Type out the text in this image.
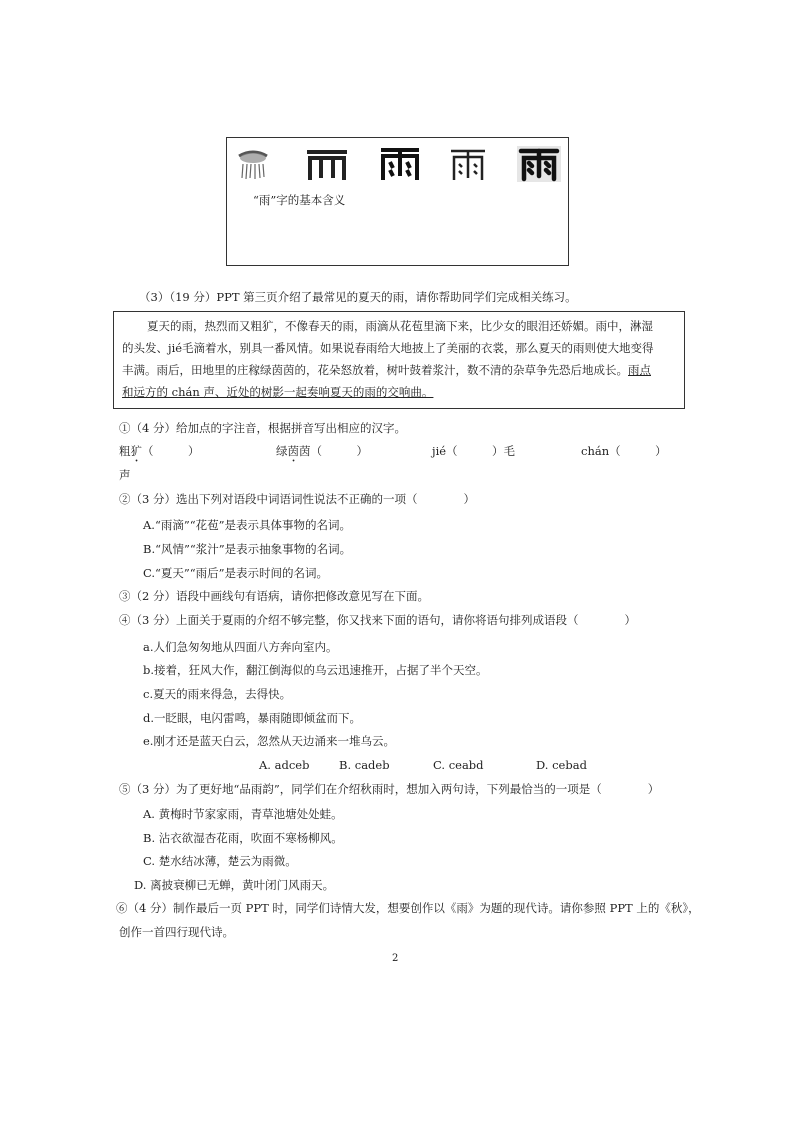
“雨”字的基本含义
（3）（19 分）PPT 第三页介绍了最常见的夏天的雨，请你帮助同学们完成相关练习。
夏天的雨，热烈而又粗犷，不像春天的雨，雨滴从花苞里滴下来，比少女的眼泪还娇媚。雨中，淋湿
的头发、jié毛滴着水，别具一番风情。如果说春雨给大地披上了美丽的衣裳，那么夏天的雨则使大地变得
丰满。雨后，田地里的庄稼绿茵茵的，花朵怒放着，树叶鼓着浆汁，数不清的杂草争先恐后地成长。雨点
和远方的 chán 声、近处的树影一起奏响夏天的雨的交响曲。
①（4 分）给加点的字注音，根据拼音写出相应的汉字。
粗犷（　　　）	绿茵茵（　　　）	jié（　　　）毛	chán（　　　）
声
②（3 分）选出下列对语段中词语词性说法不正确的一项（　　　　）
A.“雨滴”“花苞”是表示具体事物的名词。
B.“风情”“浆汁”是表示抽象事物的名词。
C.“夏天”“雨后”是表示时间的名词。
③（2 分）语段中画线句有语病，请你把修改意见写在下面。
④（3 分）上面关于夏雨的介绍不够完整，你又找来下面的语句，请你将语句排列成语段（　　　　）
a.人们急匆匆地从四面八方奔向室内。
b.接着，狂风大作，翻江倒海似的乌云迅速推开，占据了半个天空。
c.夏天的雨来得急，去得快。
d.一眨眼，电闪雷鸣，暴雨随即倾盆而下。
e.刚才还是蓝天白云，忽然从天边涌来一堆乌云。
A. adceb	B. cadeb	C. ceabd	D. cebad
⑤（3 分）为了更好地“品雨韵”，同学们在介绍秋雨时，想加入两句诗，下列最恰当的一项是（　　　　）
A. 黄梅时节家家雨，青草池塘处处蛙。
B. 沾衣欲湿杏花雨，吹面不寒杨柳风。
C. 楚水结冰薄，楚云为雨微。
D. 离披衰柳已无蝉，黄叶闭门风雨天。
⑥（4 分）制作最后一页 PPT 时，同学们诗情大发，想要创作以《雨》为题的现代诗。请你参照 PPT 上的《秋》，
创作一首四行现代诗。
2
